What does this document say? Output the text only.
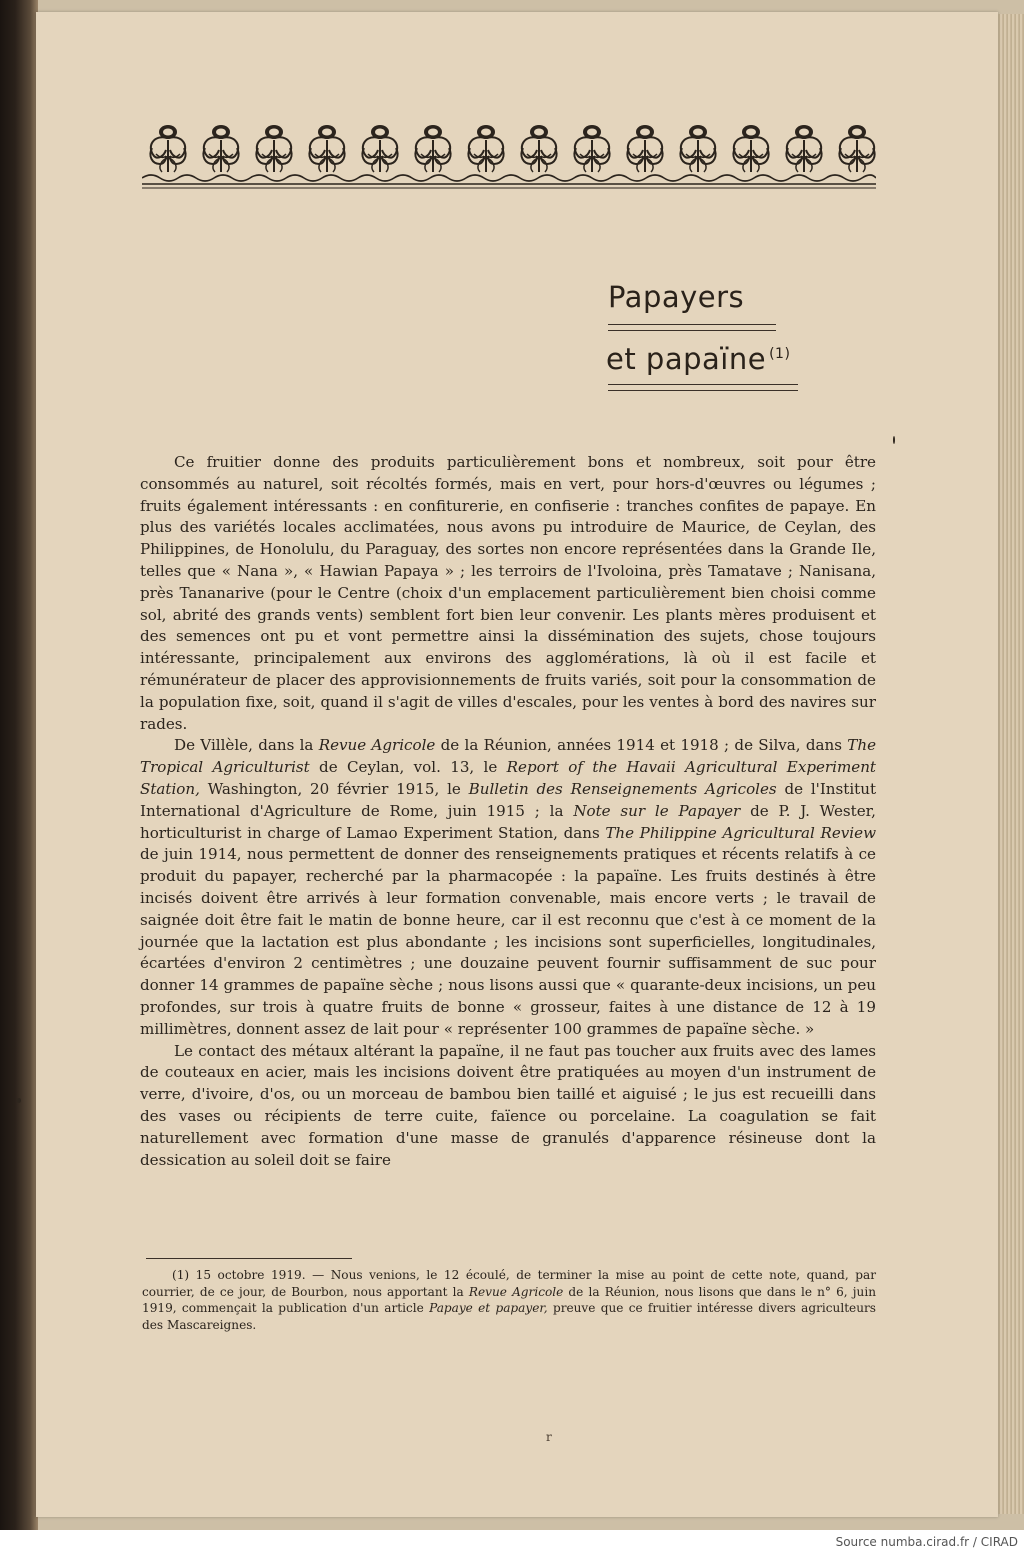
Papayers
et papaïne $^{(1)}$

Ce fruitier donne des produits particulièrement bons et nombreux, soit pour être consommés au naturel, soit récoltés formés, mais en vert, pour hors-d'œuvres ou légumes ; fruits également intéressants : en confiturerie, en confiserie : tranches confites de papaye. En plus des variétés locales acclimatées, nous avons pu introduire de Maurice, de Ceylan, des Philippines, de Honolulu, du Paraguay, des sortes non encore représentées dans la Grande Ile, telles que « Nana », « Hawian Papaya » ; les terroirs de l'Ivoloina, près Tamatave ; Nanisana, près Tananarive (pour le Centre (choix d'un emplacement particulièrement bien choisi comme sol, abrité des grands vents) semblent fort bien leur convenir. Les plants mères produisent et des semences ont pu et vont permettre ainsi la dissémination des sujets, chose toujours intéressante, principalement aux environs des agglomérations, là où il est facile et rémunérateur de placer des approvisionnements de fruits variés, soit pour la consommation de la population fixe, soit, quand il s'agit de villes d'escales, pour les ventes à bord des navires sur rades.

De Villèle, dans la Revue Agricole de la Réunion, années 1914 et 1918 ; de Silva, dans The Tropical Agriculturist de Ceylan, vol. 13, le Report of the Havaii Agricultural Experiment Station, Washington, 20 février 1915, le Bulletin des Renseignements Agricoles de l'Institut International d'Agriculture de Rome, juin 1915 ; la Note sur le Papayer de P. J. Wester, horticulturist in charge of Lamao Experiment Station, dans The Philippine Agricultural Review de juin 1914, nous permettent de donner des renseignements pratiques et récents relatifs à ce produit du papayer, recherché par la pharmacopée : la papaïne. Les fruits destinés à être incisés doivent être arrivés à leur formation convenable, mais encore verts ; le travail de saignée doit être fait le matin de bonne heure, car il est reconnu que c'est à ce moment de la journée que la lactation est plus abondante ; les incisions sont superficielles, longitudinales, écartées d'environ 2 centimètres ; une douzaine peuvent fournir suffisamment de suc pour donner 14 grammes de papaïne sèche ; nous lisons aussi que « quarante-deux incisions, un peu profondes, sur trois à quatre fruits de bonne « grosseur, faites à une distance de 12 à 19 millimètres, donnent assez de lait pour « représenter 100 grammes de papaïne sèche. »

Le contact des métaux altérant la papaïne, il ne faut pas toucher aux fruits avec des lames de couteaux en acier, mais les incisions doivent être pratiquées au moyen d'un instrument de verre, d'ivoire, d'os, ou un morceau de bambou bien taillé et aiguisé ; le jus est recueilli dans des vases ou récipients de terre cuite, faïence ou porcelaine. La coagulation se fait naturellement avec formation d'une masse de granulés d'apparence résineuse dont la dessication au soleil doit se faire

(1) 15 octobre 1919. — Nous venions, le 12 écoulé, de terminer la mise au point de cette note, quand, par courrier, de ce jour, de Bourbon, nous apportant la Revue Agricole de la Réunion, nous lisons que dans le n° 6, juin 1919, commençait la publication d'un article Papaye et papayer, preuve que ce fruitier intéresse divers agriculteurs des Mascareignes.

r
Source numba.cirad.fr / CIRAD
